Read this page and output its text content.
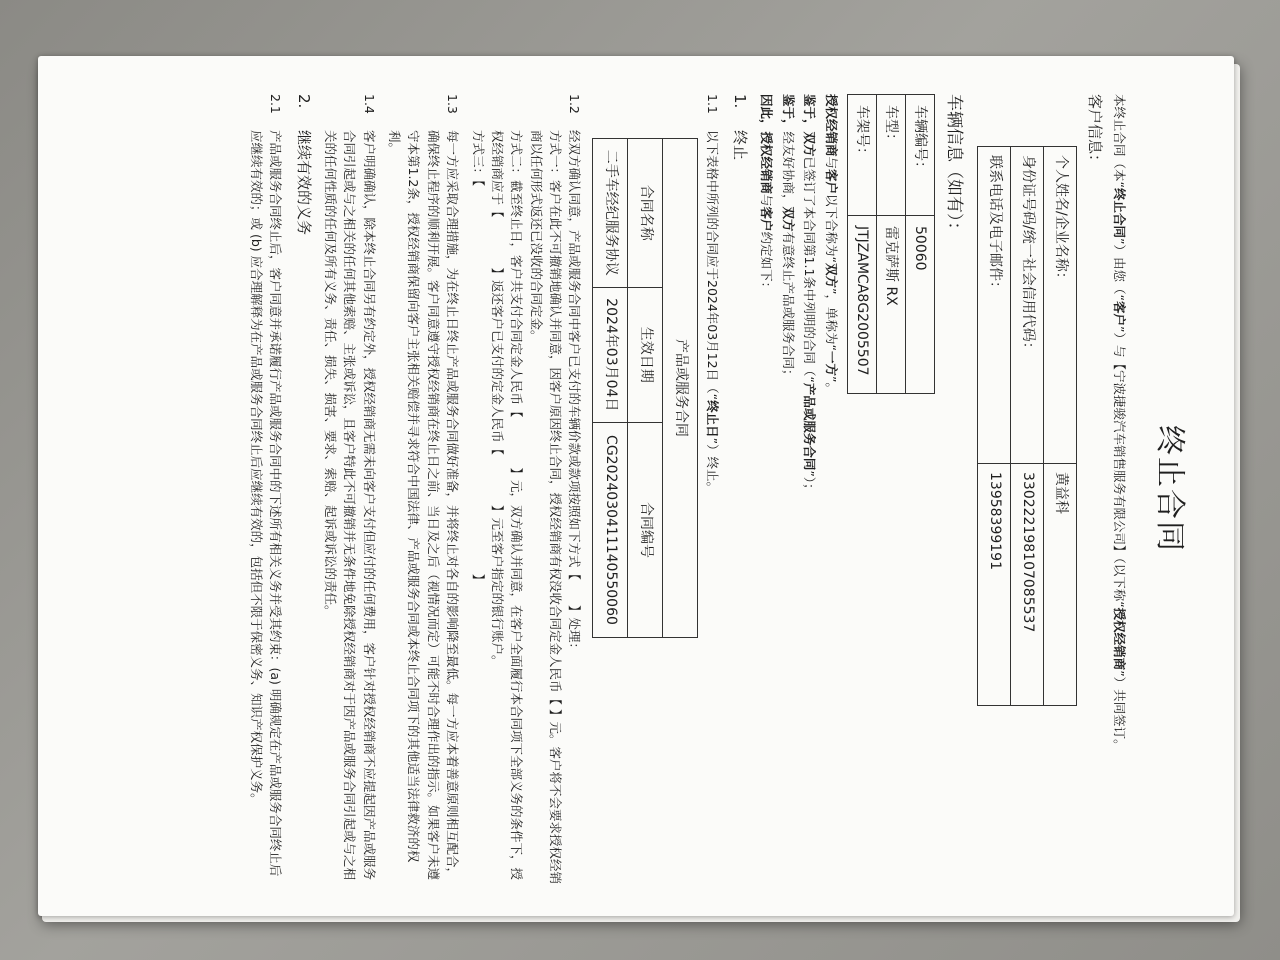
终止合同

本终止合同（本“终止合同”）由您（“客户”）与【宁波捷骏汽车销售服务有限公司】（以下称“授权经销商”）共同签订。

客户信息：
个人姓名/企业名称：	黄益科
身份证号码/统一社会信用代码：	330222198107085537
联系电话及电子邮件：	13958399191
车辆信息（如有）：
车辆编号：	50060
车型：	雷克萨斯 RX
车架号：	JTJZAMCA8G2005507

授权经销商与客户以下合称为“双方”，单称为“一方”。

鉴于，双方已签订了本合同第1.1条中列明的合同（“产品或服务合同”）；

鉴于，经友好协商，双方有意终止产品或服务合同；

因此，授权经销商与客户约定如下：

1.
终止
1.1
以下表格中所列的合同应于2024年03月12日（“终止日”）终止。
产品或服务合同		
合同名称	生效日期	合同编号
二手车经纪服务协议	2024年03月04日	CG2024030411140550060
1.2
经双方确认同意，产品或服务合同中客户已支付的车辆价款或款项按照如下方式【　　】处理：
方式一：客户在此不可撤销地确认并同意，因客户原因终止合同，授权经销商有权没收合同定金人民币【 】元。客户将不会要求授权经销商以任何形式返还已没收的合同定金。
方式二：截至终止日，客户共支付合同定金人民币【　　　　】元，双方确认并同意，在客户全面履行本合同项下全部义务的条件下，授权经销商应于【　　　　】返还客户已支付的定金人民币【　　　　】元至客户指定的银行账户。
方式三：【　　　　　　　　　　　　　　　　　　　　　　　　　　　　　　　】
1.3
每一方应采取合理措施，为在终止日终止产品或服务合同做好准备，并将终止对各自的影响降至最低。每一方应本着善意原则相互配合，确保终止程序的顺利开展。客户同意遵守授权经销商在终止日之前、当日及之后（视情况而定）可能不时合理作出的指示。如果客户未遵守本第1.2条，授权经销商保留向客户主张相关赔偿并寻求符合中国法律、产品或服务合同或本终止合同项下的其他适当法律救济的权利。
1.4
客户明确确认，除本终止合同另有约定外，授权经销商无需未向客户支付但应付的任何费用，客户针对授权经销商不应提起因产品或服务合同引起或与之相关的任何其他索赔、主张或诉讼，且客户特此不可撤销并无条件地免除授权经销商对于因产品或服务合同引起或与之相关的任何性质的任何及所有义务、责任、损失、损害、要求、索赔、起诉或诉讼的责任。
2.
继续有效的义务
2.1
产品或服务合同终止后，客户同意并承诺履行产品或服务合同中的下述所有相关义务并受其约束：(a) 明确规定在产品或服务合同终止后应继续有效的；或 (b) 应合理解释为在产品或服务合同终止后应继续有效的，包括但不限于保密义务、知识产权保护义务。
